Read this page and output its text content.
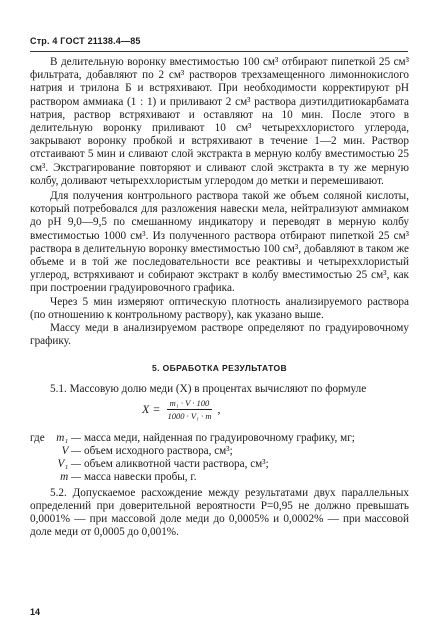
Стр. 4 ГОСТ 21138.4—85

В делительную воронку вместимостью 100 см³ отбирают пипеткой 25 см³ фильтрата, добавляют по 2 см³ растворов трехзамещенного лимоннокислого натрия и трилона Б и встряхивают. При необходимости корректируют pH раствором аммиака (1 : 1) и приливают 2 см³ раствора диэтилдитиокарбамата натрия, раствор встряхивают и оставляют на 10 мин. После этого в делительную воронку приливают 10 см³ четыреххлористого углерода, закрывают воронку пробкой и встряхивают в течение 1—2 мин. Раствор отстаивают 5 мин и сливают слой экстракта в мерную колбу вместимостью 25 см³. Экстрагирование повторяют и сливают слой экстракта в ту же мерную колбу, доливают четыреххлористым углеродом до метки и перемешивают.

Для получения контрольного раствора такой же объем соляной кислоты, который потребовался для разложения навески мела, нейтрализуют аммиаком до pH 9,0—9,5 по смешанному индикатору и переводят в мерную колбу вместимостью 1000 см³. Из полученного раствора отбирают пипеткой 25 см³ раствора в делительную воронку вместимостью 100 см³, добавляют в таком же объеме и в той же последовательности все реактивы и четыреххлористый углерод, встряхивают и собирают экстракт в колбу вместимостью 25 см³, как при построении градуировочного графика.

Через 5 мин измеряют оптическую плотность анализируемого раствора (по отношению к контрольному раствору), как указано выше.

Массу меди в анализируемом растворе определяют по градуировочному графику.

5. ОБРАБОТКА РЕЗУЛЬТАТОВ

5.1. Массовую долю меди (X) в процентах вычисляют по формуле

$X = \frac{\text{m₁ · V · 100}}{\text{1000 · V₁ · m}}$ ,
где	m₁ — масса меди, найденная по градуировочному графику, мг;
V — объем исходного раствора, см³;
V₁ — объем аликвотной части раствора, см³;
m — масса навески пробы, г.

5.2. Допускаемое расхождение между результатами двух параллельных определений при доверительной вероятности P=0,95 не должно превышать 0,0001% — при массовой доле меди до 0,0005% и 0,0002% — при массовой доле меди от 0,0005 до 0,001%.

14
